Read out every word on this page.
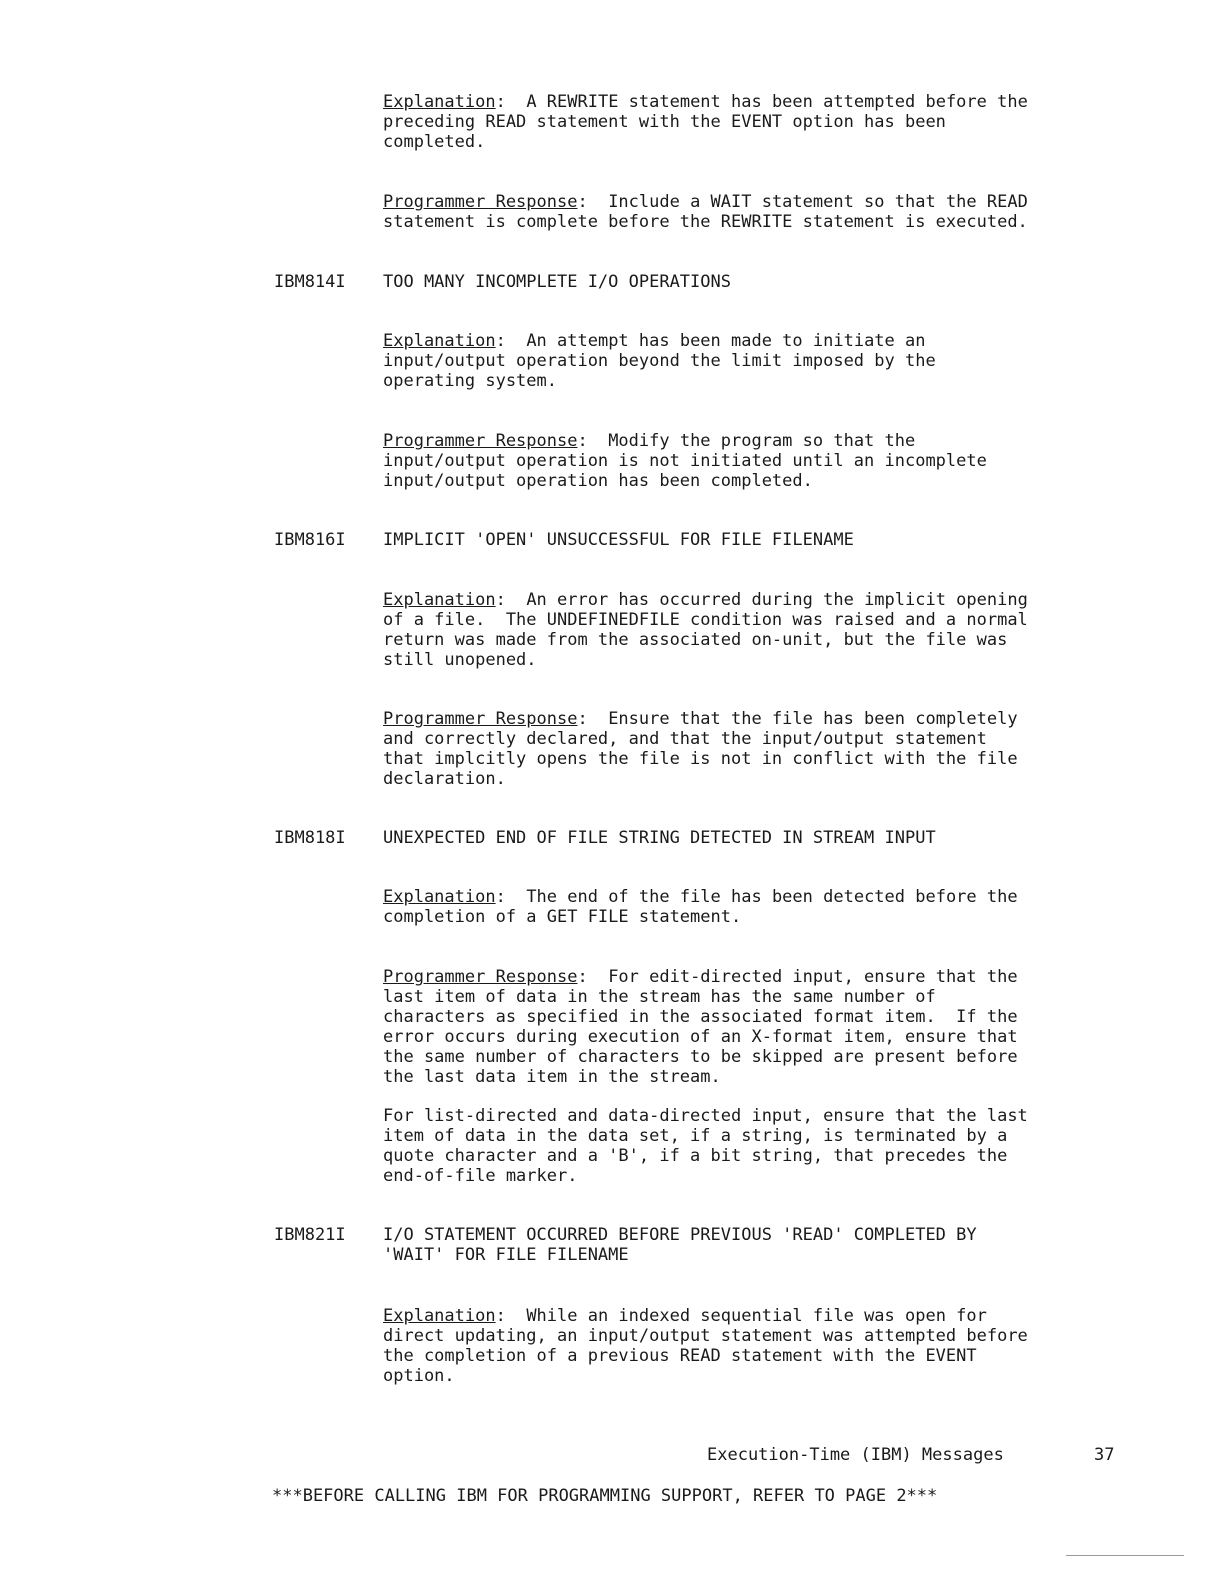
Explanation:  A REWRITE statement has been attempted before the
preceding READ statement with the EVENT option has been
completed.
Programmer Response:  Include a WAIT statement so that the READ
statement is complete before the REWRITE statement is executed.
IBM814I TOO MANY INCOMPLETE I/O OPERATIONS
Explanation:  An attempt has been made to initiate an
input/output operation beyond the limit imposed by the
operating system.
Programmer Response:  Modify the program so that the
input/output operation is not initiated until an incomplete
input/output operation has been completed.
IBM816I IMPLICIT 'OPEN' UNSUCCESSFUL FOR FILE FILENAME
Explanation:  An error has occurred during the implicit opening
of a file.  The UNDEFINEDFILE condition was raised and a normal
return was made from the associated on-unit, but the file was
still unopened.
Programmer Response:  Ensure that the file has been completely
and correctly declared, and that the input/output statement
that implcitly opens the file is not in conflict with the file
declaration.
IBM818I UNEXPECTED END OF FILE STRING DETECTED IN STREAM INPUT
Explanation:  The end of the file has been detected before the
completion of a GET FILE statement.
Programmer Response:  For edit-directed input, ensure that the
last item of data in the stream has the same number of
characters as specified in the associated format item.  If the
error occurs during execution of an X-format item, ensure that
the same number of characters to be skipped are present before
the last data item in the stream.
For list-directed and data-directed input, ensure that the last
item of data in the data set, if a string, is terminated by a
quote character and a 'B', if a bit string, that precedes the
end-of-file marker.
IBM821I I/O STATEMENT OCCURRED BEFORE PREVIOUS 'READ' COMPLETED BY
'WAIT' FOR FILE FILENAME
Explanation:  While an indexed sequential file was open for
direct updating, an input/output statement was attempted before
the completion of a previous READ statement with the EVENT
option.
Execution-Time (IBM) Messages	37
***BEFORE CALLING IBM FOR PROGRAMMING SUPPORT, REFER TO PAGE 2***
